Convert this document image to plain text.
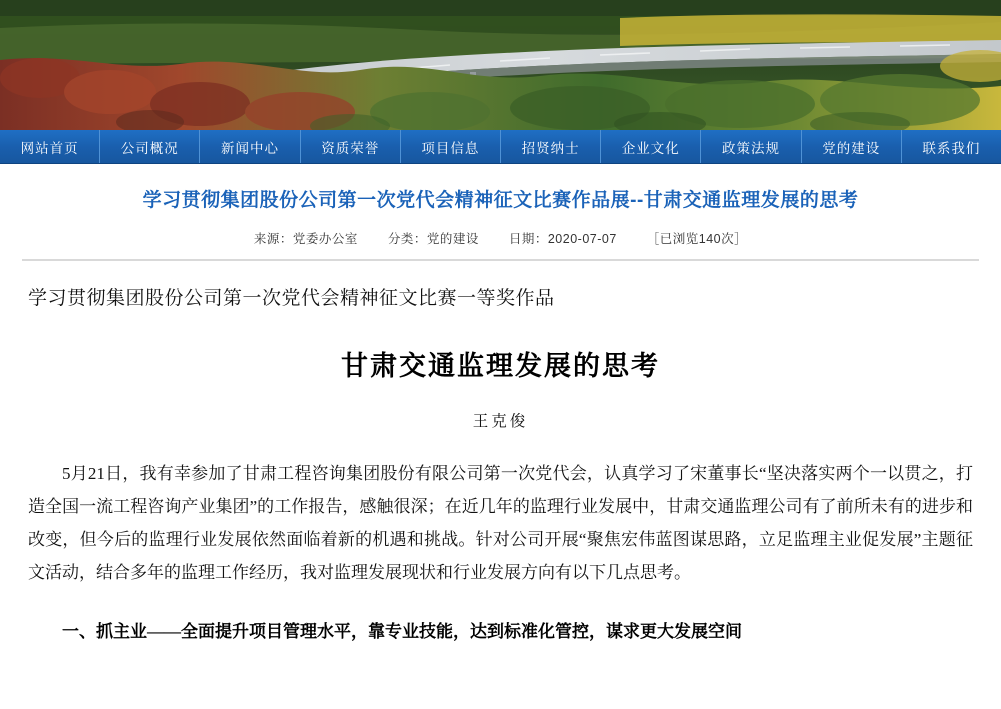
网站首页	公司概况	新闻中心	资质荣誉	项目信息	招贤纳士	企业文化	政策法规	党的建设	联系我们
学习贯彻集团股份公司第一次党代会精神征文比赛作品展--甘肃交通监理发展的思考
来源：党委办公室 分类：党的建设 日期：2020-07-07 ［已浏览140次］
学习贯彻集团股份公司第一次党代会精神征文比赛一等奖作品
甘肃交通监理发展的思考
王克俊

5月21日，我有幸参加了甘肃工程咨询集团股份有限公司第一次党代会，认真学习了宋董事长“坚决落实两个一以贯之，打造全国一流工程咨询产业集团”的工作报告，感触很深；在近几年的监理行业发展中，甘肃交通监理公司有了前所未有的进步和改变，但今后的监理行业发展依然面临着新的机遇和挑战。针对公司开展“聚焦宏伟蓝图谋思路，立足监理主业促发展”主题征文活动，结合多年的监理工作经历，我对监理发展现状和行业发展方向有以下几点思考。

一、抓主业——全面提升项目管理水平，靠专业技能，达到标准化管控，谋求更大发展空间
